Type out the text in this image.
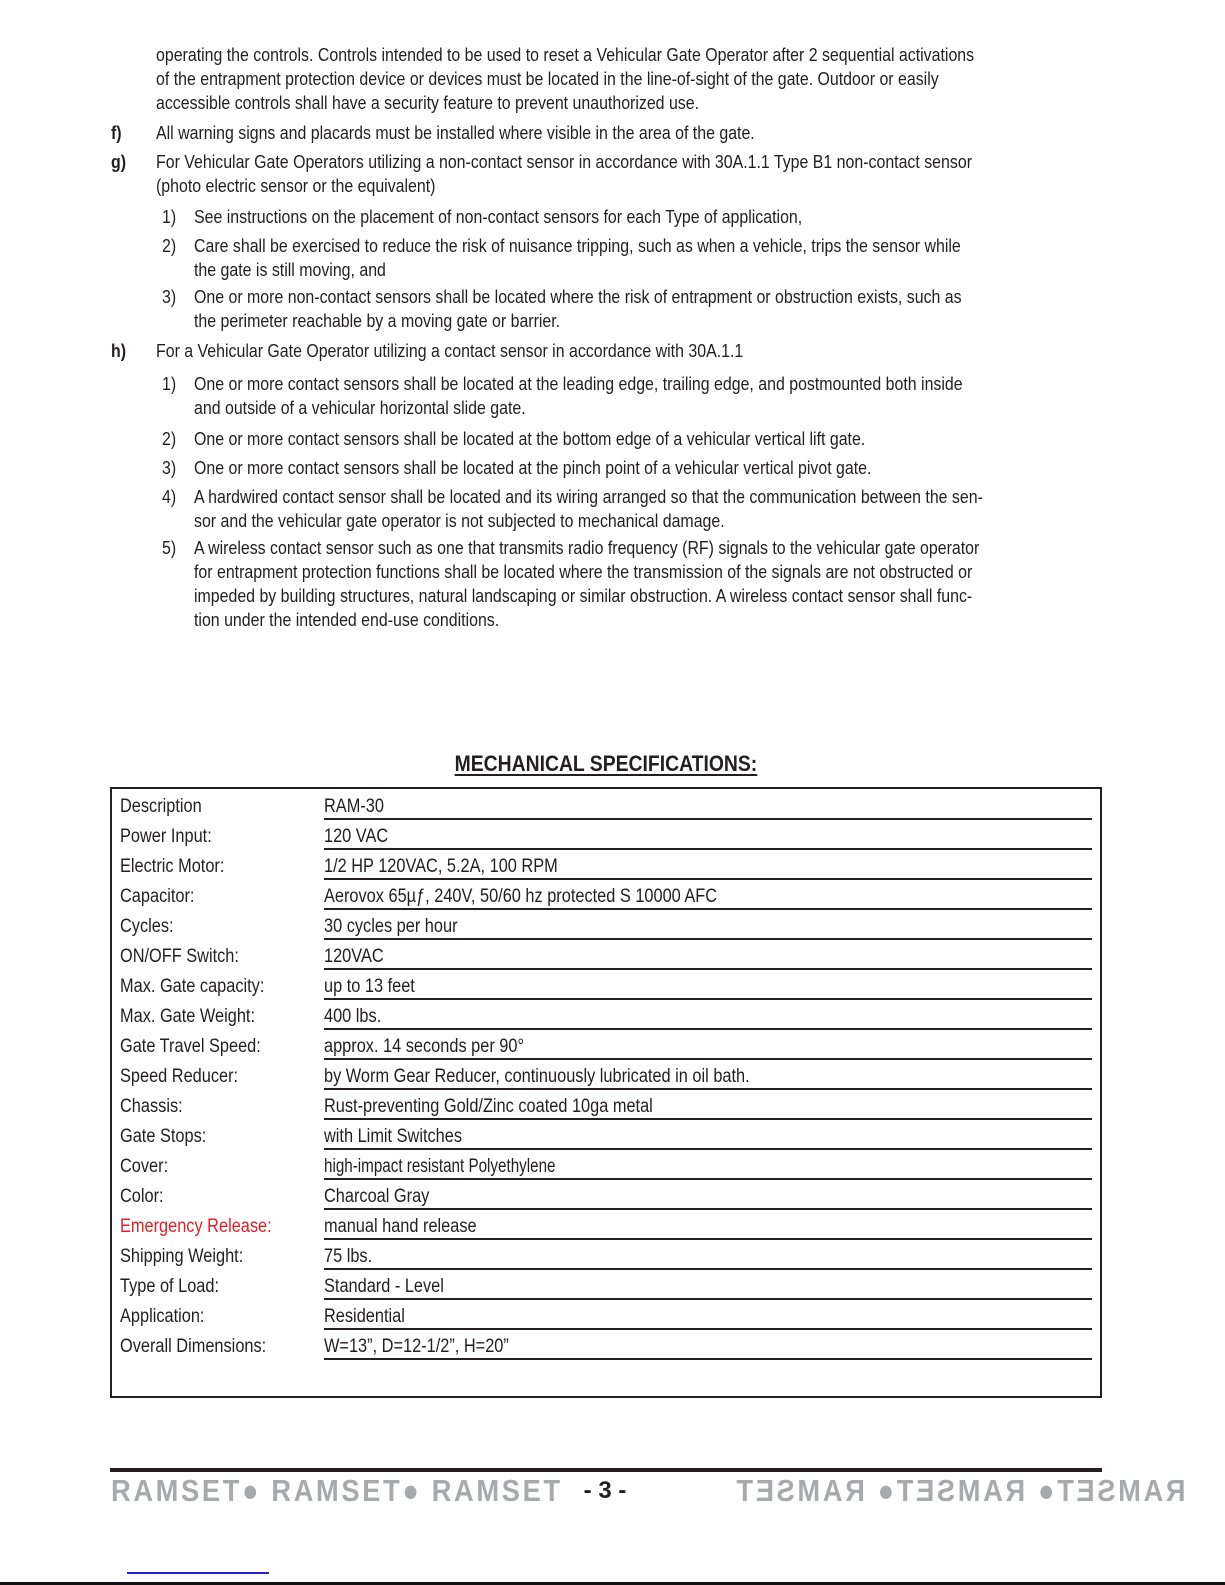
operating the controls. Controls intended to be used to reset a Vehicular Gate Operator after 2 sequential activations
of the entrapment protection device or devices must be located in the line-of-sight of the gate. Outdoor or easily
accessible controls shall have a security feature to prevent unauthorized use.
f) All warning signs and placards must be installed where visible in the area of the gate.
g) For Vehicular Gate Operators utilizing a non-contact sensor in accordance with 30A.1.1 Type B1 non-contact sensor
(photo electric sensor or the equivalent)
1) See instructions on the placement of non-contact sensors for each Type of application,
2) Care shall be exercised to reduce the risk of nuisance tripping, such as when a vehicle, trips the sensor while
the gate is still moving, and
3) One or more non-contact sensors shall be located where the risk of entrapment or obstruction exists, such as
the perimeter reachable by a moving gate or barrier.
h) For a Vehicular Gate Operator utilizing a contact sensor in accordance with 30A.1.1
1) One or more contact sensors shall be located at the leading edge, trailing edge, and postmounted both inside
and outside of a vehicular horizontal slide gate.
2) One or more contact sensors shall be located at the bottom edge of a vehicular vertical lift gate.
3) One or more contact sensors shall be located at the pinch point of a vehicular vertical pivot gate.
4) A hardwired contact sensor shall be located and its wiring arranged so that the communication between the sen-
sor and the vehicular gate operator is not subjected to mechanical damage.
5) A wireless contact sensor such as one that transmits radio frequency (RF) signals to the vehicular gate operator
for entrapment protection functions shall be located where the transmission of the signals are not obstructed or
impeded by building structures, natural landscaping or similar obstruction. A wireless contact sensor shall func-
tion under the intended end-use conditions.
MECHANICAL SPECIFICATIONS:
Description	RAM-30
Power Input:	120 VAC
Electric Motor:	1/2 HP 120VAC, 5.2A, 100 RPM
Capacitor:	Aerovox 65µƒ, 240V, 50/60 hz protected S 10000 AFC
Cycles:	30 cycles per hour
ON/OFF Switch:	120VAC
Max. Gate capacity:	up to 13 feet
Max. Gate Weight:	400 lbs.
Gate Travel Speed:	approx. 14 seconds per 90°
Speed Reducer:	by Worm Gear Reducer, continuously lubricated in oil bath.
Chassis:	Rust-preventing Gold/Zinc coated 10ga metal
Gate Stops:	with Limit Switches
Cover:	high-impact resistant Polyethylene
Color:	Charcoal Gray
Emergency Release:	manual hand release
Shipping Weight:	75 lbs.
Type of Load:	Standard - Level
Application:	Residential
Overall Dimensions:	W=13”, D=12-1/2”, H=20”
RAMSET● RAMSET● RAMSET - 3 -	RAMSET● RAMSET● RAMSET
